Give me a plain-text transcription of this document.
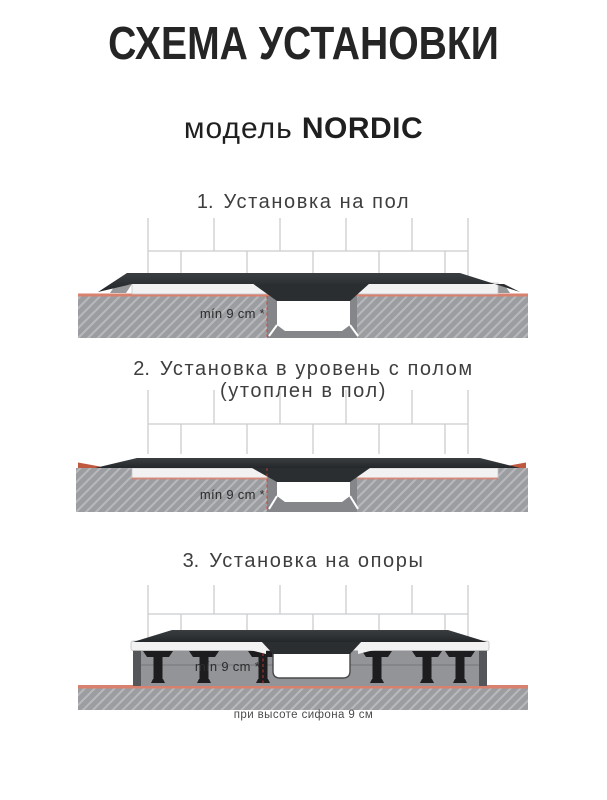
СХЕМА УСТАНОВКИ
модель NORDIC
1. Установка на пол
mín 9 cm *
2. Установка в уровень с полом
(утоплен в пол)
mín 9 cm *
3. Установка на опоры
mín 9 cm *
при высоте сифона 9 см
